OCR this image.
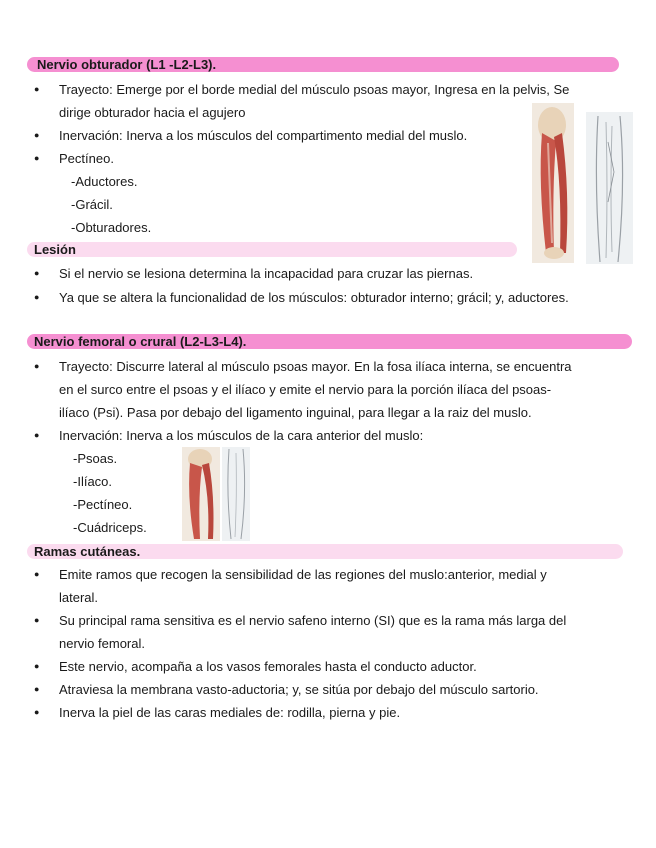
Nervio obturador (L1 -L2-L3).
Trayecto: Emerge por el borde medial del músculo psoas mayor, Ingresa en la pelvis, Se
dirige obturador hacia el agujero
Inervación: Inerva a los músculos del compartimento medial del muslo.
Pectíneo.
-Aductores.
-Grácil.
-Obturadores.
Lesión
Si el nervio se lesiona determina la incapacidad para cruzar las piernas.
Ya que se altera la funcionalidad de los músculos: obturador interno; grácil; y, aductores.
Nervio femoral o crural (L2-L3-L4).
Trayecto: Discurre lateral al músculo psoas mayor. En la fosa ilíaca interna, se encuentra
en el surco entre el psoas y el ilíaco y emite el nervio para la porción ilíaca del psoas-
ilíaco (Psi). Pasa por debajo del ligamento inguinal, para llegar a la raiz del muslo.
Inervación: Inerva a los músculos de la cara anterior del muslo:
-Psoas.
-Ilíaco.
-Pectíneo.
-Cuádriceps.
Ramas cutáneas.
Emite ramos que recogen la sensibilidad de las regiones del muslo:anterior, medial y
lateral.
Su principal rama sensitiva es el nervio safeno interno (SI) que es la rama más larga del
nervio femoral.
Este nervio, acompaña a los vasos femorales hasta el conducto aductor.
Atraviesa la membrana vasto-aductoria; y, se sitúa por debajo del músculo sartorio.
Inerva la piel de las caras mediales de: rodilla, pierna y pie.
